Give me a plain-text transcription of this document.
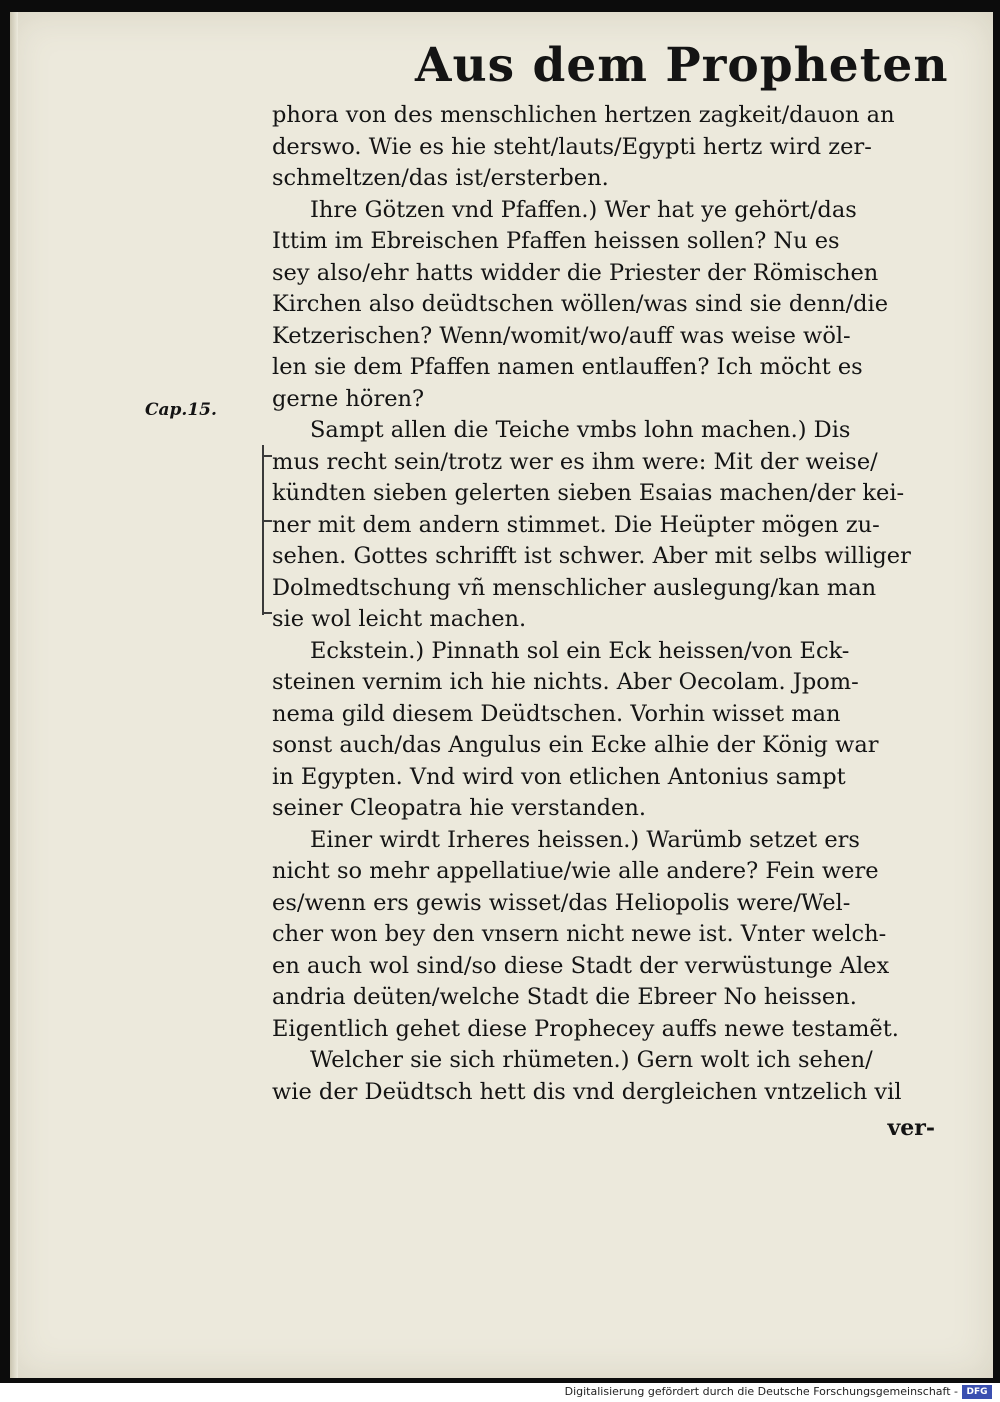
Aus dem Propheten
Cap.15.
phora von des menschlichen hertzen zagkeit/dauon an
derswo. Wie es hie steht/lauts/Egypti hertz wird zer-
schmeltzen/das ist/ersterben.
Ihre Götzen vnd Pfaffen.) Wer hat ye gehört/das
Ittim im Ebreischen Pfaffen heissen sollen? Nu es
sey also/ehr hatts widder die Priester der Römischen
Kirchen also deüdtschen wöllen/was sind sie denn/die
Ketzerischen? Wenn/womit/wo/auff was weise wöl-
len sie dem Pfaffen namen entlauffen? Ich möcht es
gerne hören?
Sampt allen die Teiche vmbs lohn machen.) Dis
mus recht sein/trotz wer es ihm were: Mit der weise/
kündten sieben gelerten sieben Esaias machen/der kei-
ner mit dem andern stimmet. Die Heüpter mögen zu-
sehen. Gottes schrifft ist schwer. Aber mit selbs williger
Dolmedtschung vñ menschlicher auslegung/kan man
sie wol leicht machen.
Eckstein.) Pinnath sol ein Eck heissen/von Eck-
steinen vernim ich hie nichts. Aber Oecolam. Jpom-
nema gild diesem Deüdtschen. Vorhin wisset man
sonst auch/das Angulus ein Ecke alhie der König war
in Egypten. Vnd wird von etlichen Antonius sampt
seiner Cleopatra hie verstanden.
Einer wirdt Irheres heissen.) Warümb setzet ers
nicht so mehr appellatiue/wie alle andere? Fein were
es/wenn ers gewis wisset/das Heliopolis were/Wel-
cher won bey den vnsern nicht newe ist. Vnter welch-
en auch wol sind/so diese Stadt der verwüstunge Alex
andria deüten/welche Stadt die Ebreer No heissen.
Eigentlich gehet diese Prophecey auffs newe testamẽt.
Welcher sie sich rhümeten.) Gern wolt ich sehen/
wie der Deüdtsch hett dis vnd dergleichen vntzelich vil
ver-
Digitalisierung gefördert durch die Deutsche Forschungsgemeinschaft - DFG
